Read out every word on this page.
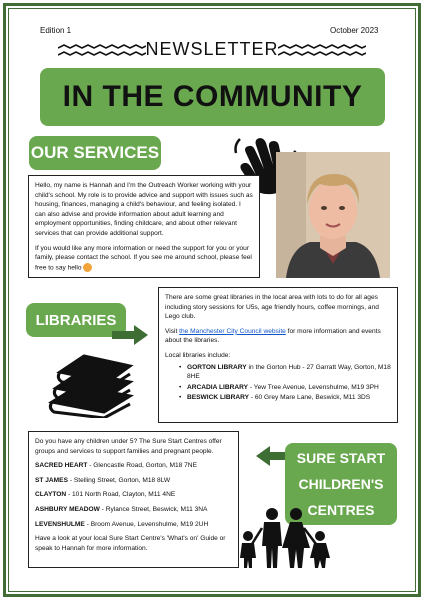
Edition 1	October 2023
NEWSLETTER
IN THE COMMUNITY
OUR SERVICES

Hello, my name is Hannah and I'm the Outreach Worker working with your child's school. My role is to provide advice and support with issues such as housing, finances, managing a child's behaviour, and feeling isolated. I can also advise and provide information about adult learning and employment opportunities, finding childcare, and about other relevant services that can provide additional support.

If you would like any more information or need the support for you or your family, please contact the school. If you see me around school, please feel free to say hello

LIBRARIES

There are some great libraries in the local area with lots to do for all ages including story sessions for U5s, age friendly hours, coffee mornings, and Lego club.

Visit the Manchester City Council website for more information and events about the libraries.

Local libraries include:

• GORTON LIBRARY in the Gorton Hub - 27 Garratt Way, Gorton, M18 8HE
• ARCADIA LIBRARY - Yew Tree Avenue, Levenshulme, M19 3PH
• BESWICK LIBRARY - 60 Grey Mare Lane, Beswick, M11 3DS

Do you have any children under 5? The Sure Start Centres offer groups and services to support families and pregnant people.

SACRED HEART - Glencastle Road, Gorton, M18 7NE

ST JAMES - Stelling Street, Gorton, M18 8LW

CLAYTON - 101 North Road, Clayton, M11 4NE

ASHBURY MEADOW - Rylance Street, Beswick, M11 3NA

LEVENSHULME - Broom Avenue, Levenshulme, M19 2UH

Have a look at your local Sure Start Centre's 'What's on' Guide or speak to Hannah for more information.

SURE START
CHILDREN'S
CENTRES
